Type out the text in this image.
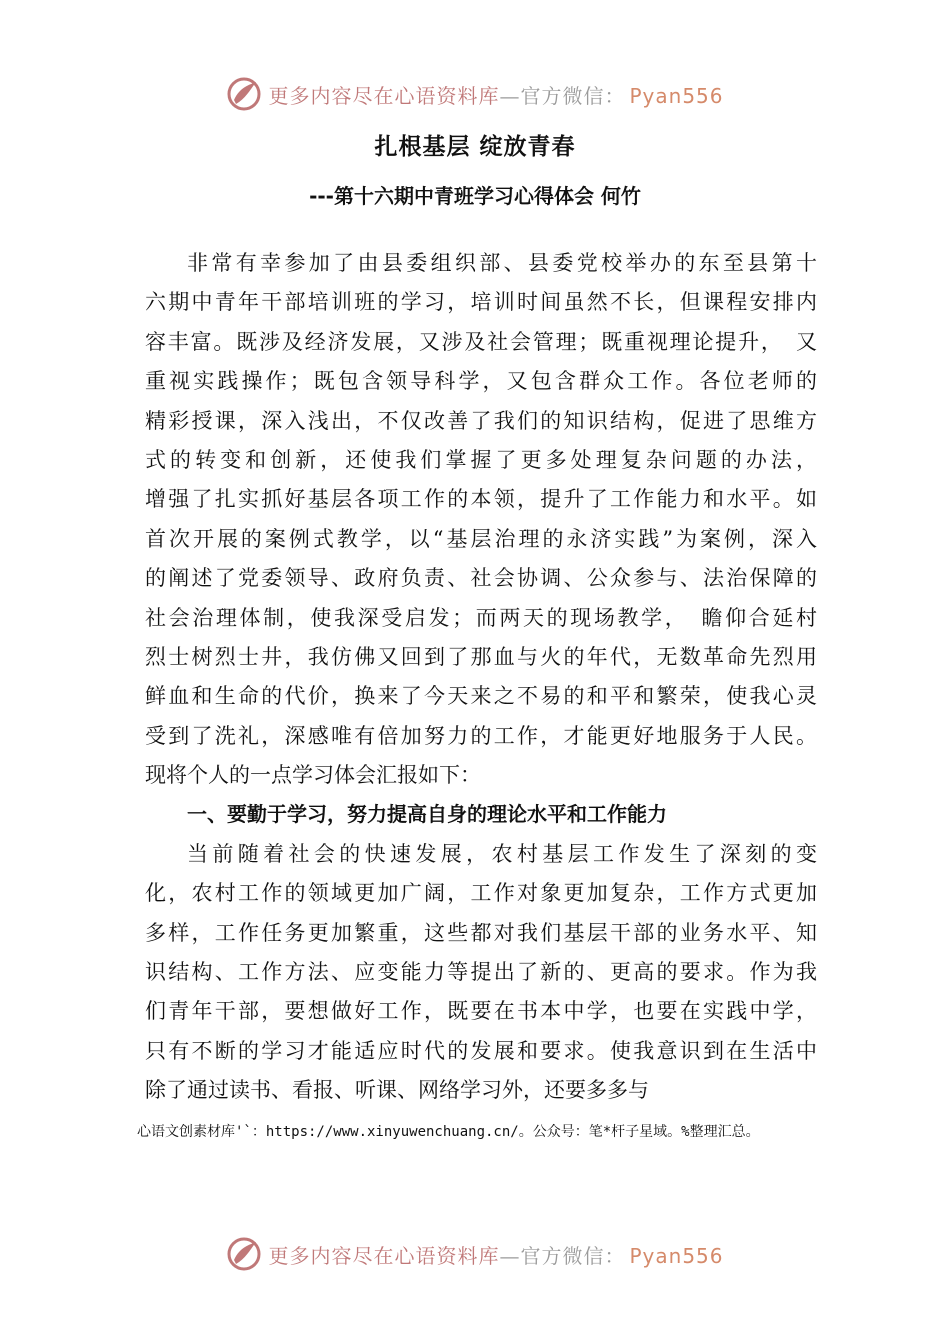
更多内容尽在心语资料库—官方微信： Pyan556
扎根基层 绽放青春
---第十六期中青班学习心得体会 何竹
非常有幸参加了由县委组织部、县委党校举办的东至县第十
六期中青年干部培训班的学习，培训时间虽然不长，但课程安排内
容丰富。既涉及经济发展，又涉及社会管理；既重视理论提升，　又
重视实践操作；既包含领导科学，又包含群众工作。各位老师的
精彩授课，深入浅出，不仅改善了我们的知识结构，促进了思维方
式的转变和创新，还使我们掌握了更多处理复杂问题的办法，
增强了扎实抓好基层各项工作的本领，提升了工作能力和水平。如
首次开展的案例式教学，以“基层治理的永济实践”为案例，深入
的阐述了党委领导、政府负责、社会协调、公众参与、法治保障的
社会治理体制，使我深受启发；而两天的现场教学，　瞻仰合延村
烈士树烈士井，我仿佛又回到了那血与火的年代，无数革命先烈用
鲜血和生命的代价，换来了今天来之不易的和平和繁荣，使我心灵
受到了洗礼，深感唯有倍加努力的工作，才能更好地服务于人民。
现将个人的一点学习体会汇报如下：
一、要勤于学习，努力提高自身的理论水平和工作能力
当前随着社会的快速发展，农村基层工作发生了深刻的变
化，农村工作的领域更加广阔，工作对象更加复杂，工作方式更加
多样，工作任务更加繁重，这些都对我们基层干部的业务水平、知
识结构、工作方法、应变能力等提出了新的、更高的要求。作为我
们青年干部，要想做好工作，既要在书本中学，也要在实践中学，
只有不断的学习才能适应时代的发展和要求。使我意识到在生活中
除了通过读书、看报、听课、网络学习外，还要多多与
心语文创素材库'`：https://www.xinyuwenchuang.cn/。公众号：笔*杆子星域。%整理汇总。
更多内容尽在心语资料库—官方微信： Pyan556
